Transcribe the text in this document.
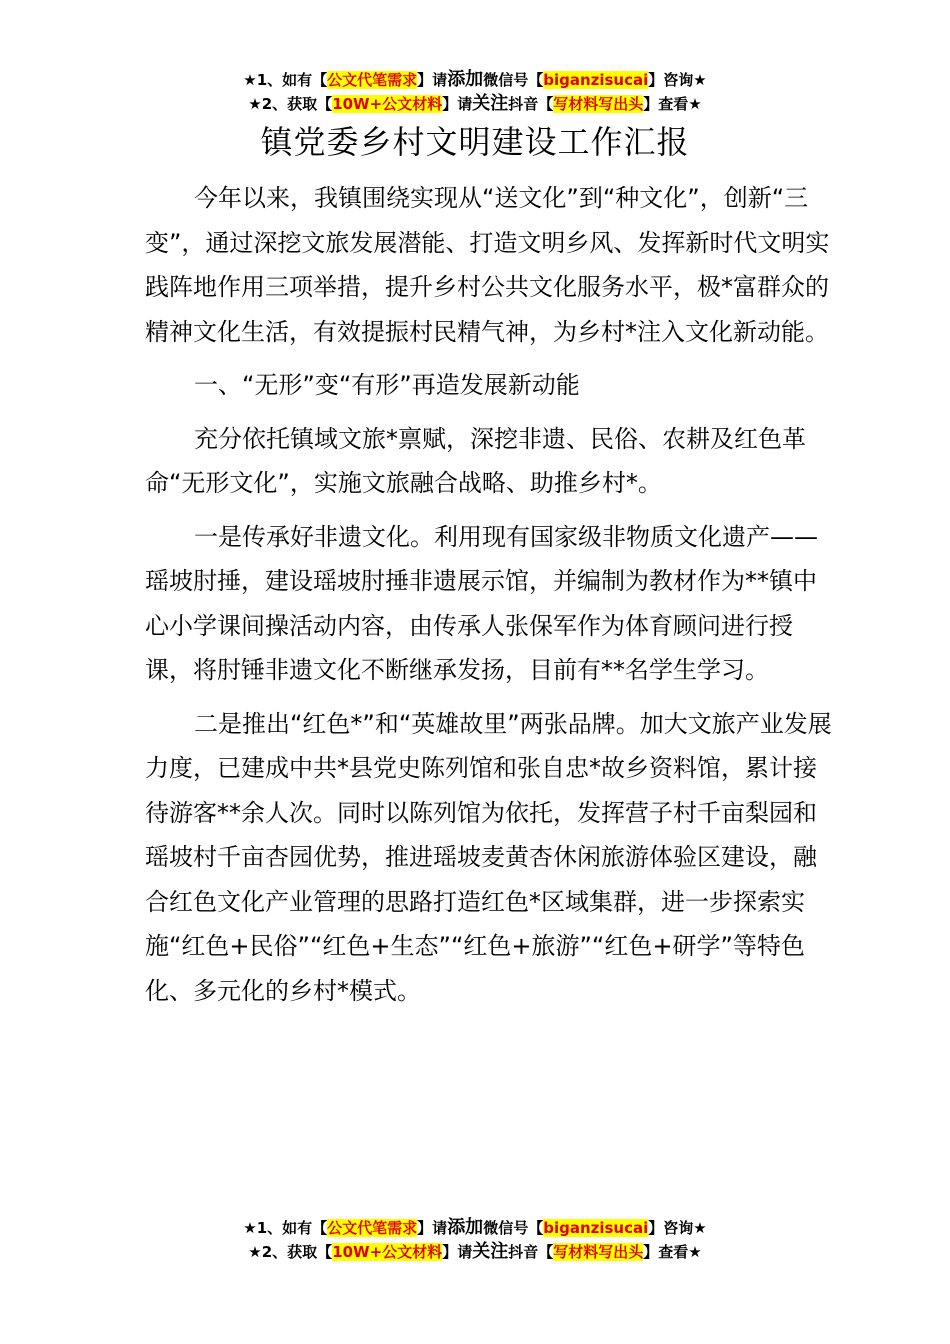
★1、如有【公文代笔需求】请添加微信号【biganzisucai】咨询★
★2、获取【10W+公文材料】请关注抖音【写材料写出头】查看★
镇党委乡村文明建设工作汇报

今年以来，我镇围绕实现从“送文化”到“种文化”，创新“三变”，通过深挖文旅发展潜能、打造文明乡风、发挥新时代文明实践阵地作用三项举措，提升乡村公共文化服务水平，极*富群众的精神文化生活，有效提振村民精气神，为乡村*注入文化新动能。

一、“无形”变“有形”再造发展新动能

充分依托镇域文旅*禀赋，深挖非遗、民俗、农耕及红色革命“无形文化”，实施文旅融合战略、助推乡村*。

一是传承好非遗文化。利用现有国家级非物质文化遗产——瑶坡肘捶，建设瑶坡肘捶非遗展示馆，并编制为教材作为**镇中心小学课间操活动内容，由传承人张保军作为体育顾问进行授课，将肘锤非遗文化不断继承发扬，目前有**名学生学习。

二是推出“红色*”和“英雄故里”两张品牌。加大文旅产业发展力度，已建成中共*县党史陈列馆和张自忠*故乡资料馆，累计接待游客**余人次。同时以陈列馆为依托，发挥营子村千亩梨园和瑶坡村千亩杏园优势，推进瑶坡麦黄杏休闲旅游体验区建设，融合红色文化产业管理的思路打造红色*区域集群，进一步探索实施“红色+民俗”“红色+生态”“红色+旅游”“红色+研学”等特色化、多元化的乡村*模式。

★1、如有【公文代笔需求】请添加微信号【biganzisucai】咨询★
★2、获取【10W+公文材料】请关注抖音【写材料写出头】查看★
